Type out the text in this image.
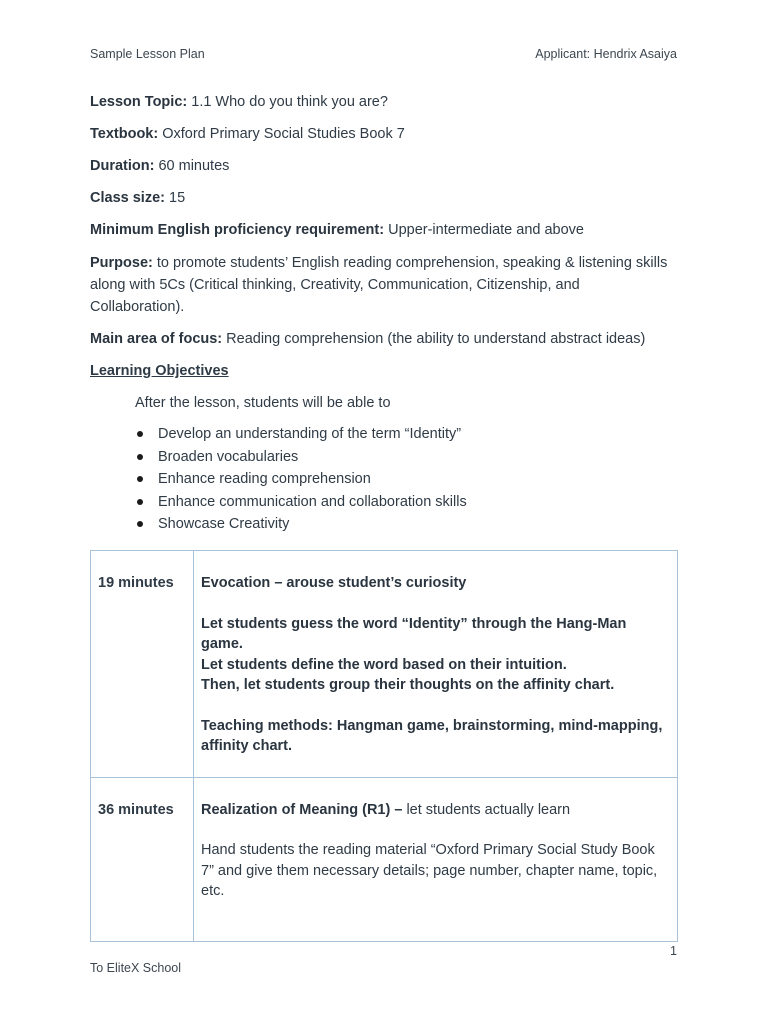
Sample Lesson Plan	Applicant: Hendrix Asaiya

Lesson Topic: 1.1 Who do you think you are?

Textbook: Oxford Primary Social Studies Book 7

Duration: 60 minutes

Class size: 15

Minimum English proficiency requirement: Upper-intermediate and above

Purpose: to promote students’ English reading comprehension, speaking & listening skills along with 5Cs (Critical thinking, Creativity, Communication, Citizenship, and Collaboration).

Main area of focus: Reading comprehension (the ability to understand abstract ideas)

Learning Objectives

After the lesson, students will be able to

Develop an understanding of the term “Identity”
Broaden vocabularies
Enhance reading comprehension
Enhance communication and collaboration skills
Showcase Creativity
19 minutes	Evocation – arouse student’s curiosity
Let students guess the word “Identity” through the Hang-Man game.
Let students define the word based on their intuition.
Then, let students group their thoughts on the affinity chart.
Teaching methods: Hangman game, brainstorming, mind-mapping, affinity chart.

36 minutes	Realization of Meaning (R1) – let students actually learn
Hand students the reading material “Oxford Primary Social Study Book 7” and give them necessary details; page number, chapter name, topic, etc.
1
To EliteX School
